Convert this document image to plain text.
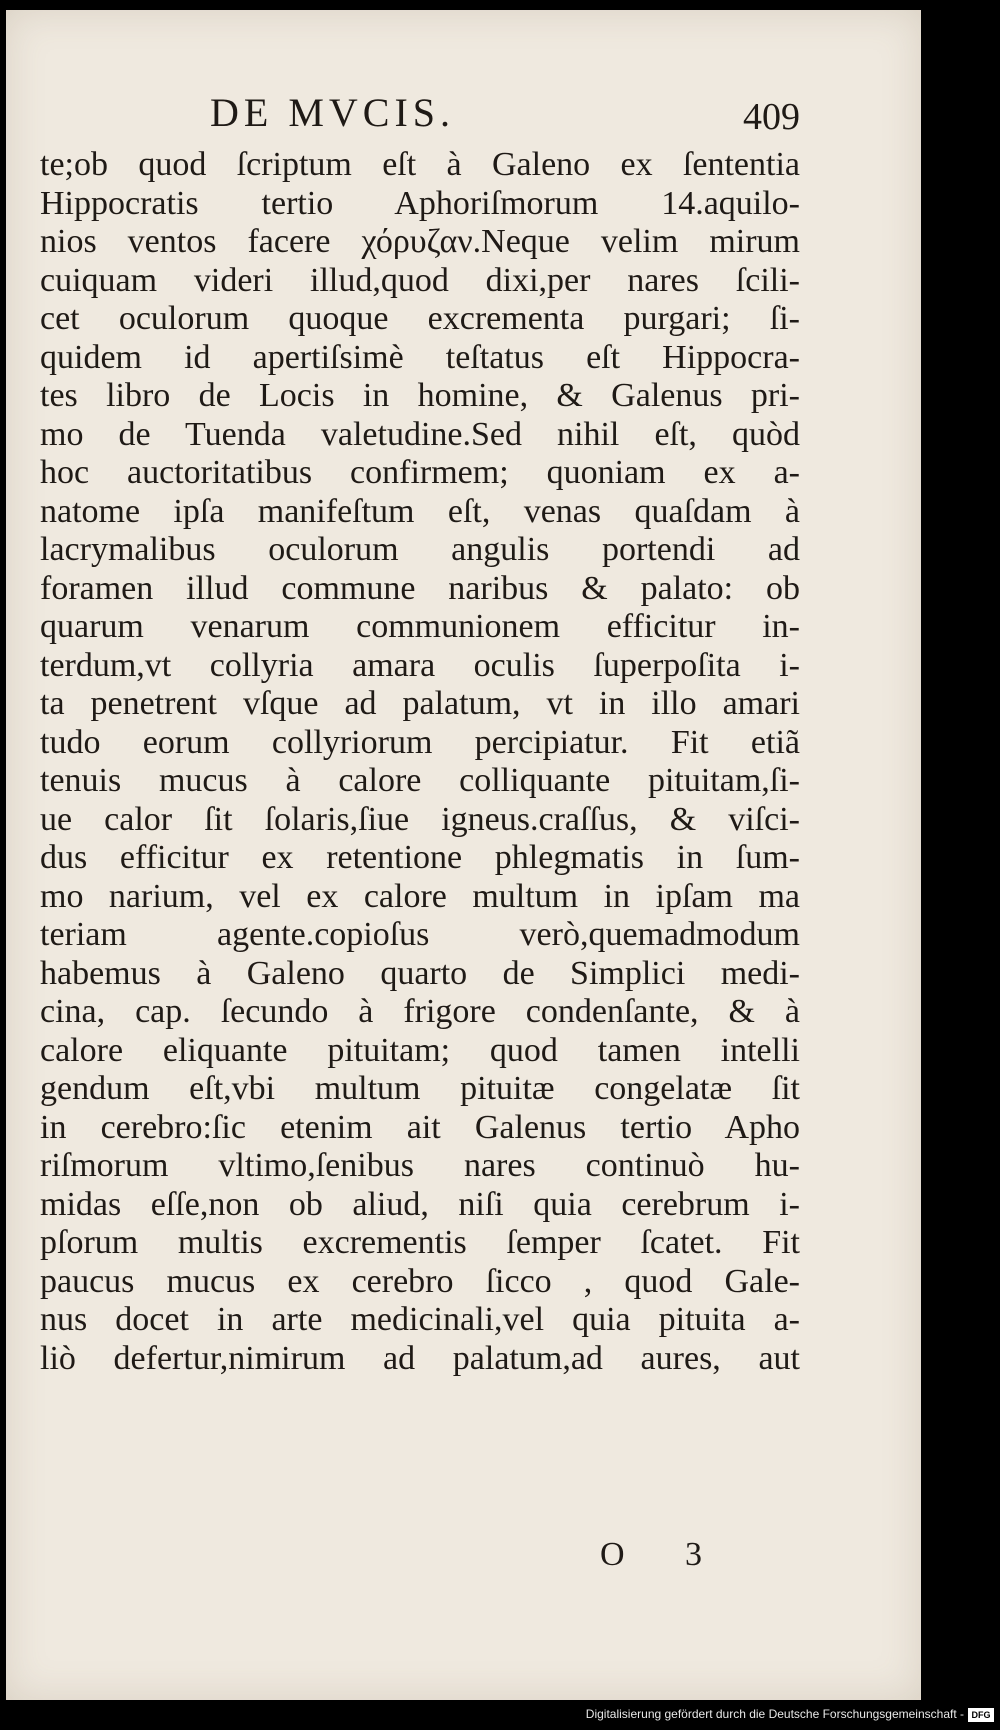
DE MVCIS.	409
te;ob quod ſcriptum eſt à Galeno ex ſententia
Hippocratis tertio Aphoriſmorum 14.aquilo-
nios ventos facere χόρυζαν.Neque velim mirum
cuiquam videri illud,quod dixi,per nares ſcili-
cet oculorum quoque excrementa purgari; ſi-
quidem id apertiſsimè teſtatus eſt Hippocra-
tes libro de Locis in homine, & Galenus pri-
mo de Tuenda valetudine.Sed nihil eſt, quòd
hoc auctoritatibus confirmem; quoniam ex a-
natome ipſa manifeſtum eſt, venas quaſdam à
lacrymalibus oculorum angulis portendi ad
foramen illud commune naribus & palato: ob
quarum venarum communionem efficitur in-
terdum,vt collyria amara oculis ſuperpoſita i-
ta penetrent vſque ad palatum, vt in illo amari
tudo eorum collyriorum percipiatur. Fit etiã
tenuis mucus à calore colliquante pituitam,ſi-
ue calor ſit ſolaris,ſiue igneus.craſſus, & viſci-
dus efficitur ex retentione phlegmatis in ſum-
mo narium, vel ex calore multum in ipſam ma
teriam agente.copioſus verò,quemadmodum
habemus à Galeno quarto de Simplici medi-
cina, cap. ſecundo à frigore condenſante, & à
calore eliquante pituitam; quod tamen intelli
gendum eſt,vbi multum pituitæ congelatæ ſit
in cerebro:ſic etenim ait Galenus tertio Apho
riſmorum vltimo,ſenibus nares continuò hu-
midas eſſe,non ob aliud, niſi quia cerebrum i-
pſorum multis excrementis ſemper ſcatet. Fit
paucus mucus ex cerebro ſicco , quod Gale-
nus docet in arte medicinali,vel quia pituita a-
liò defertur,nimirum ad palatum,ad aures, aut
O 3
Digitalisierung gefördert durch die Deutsche Forschungsgemeinschaft - DFG
